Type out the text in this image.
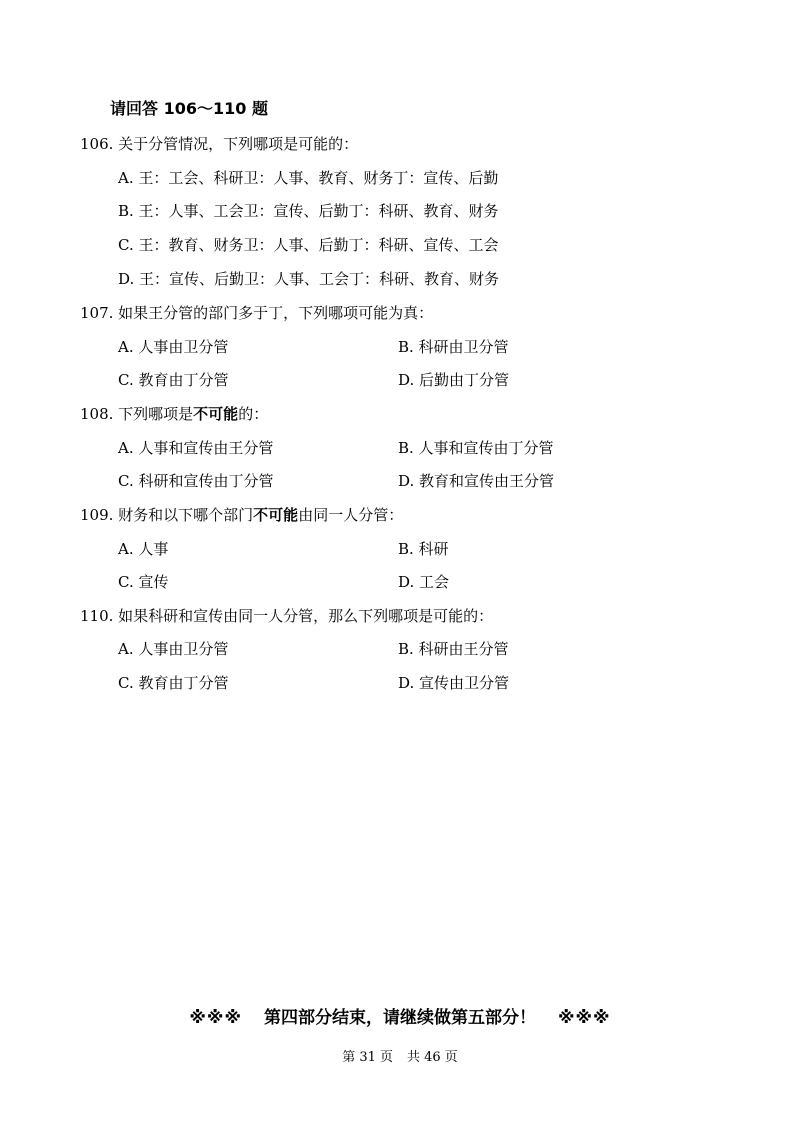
请回答 106～110 题
106. 关于分管情况，下列哪项是可能的：
A. 王：工会、科研卫：人事、教育、财务丁：宣传、后勤
B. 王：人事、工会卫：宣传、后勤丁：科研、教育、财务
C. 王：教育、财务卫：人事、后勤丁：科研、宣传、工会
D. 王：宣传、后勤卫：人事、工会丁：科研、教育、财务
107. 如果王分管的部门多于丁，下列哪项可能为真：
A. 人事由卫分管	B. 科研由卫分管
C. 教育由丁分管	D. 后勤由丁分管
108. 下列哪项是不可能的：
A. 人事和宣传由王分管	B. 人事和宣传由丁分管
C. 科研和宣传由丁分管	D. 教育和宣传由王分管
109. 财务和以下哪个部门不可能由同一人分管：
A. 人事	B. 科研
C. 宣传	D. 工会
110. 如果科研和宣传由同一人分管，那么下列哪项是可能的：
A. 人事由卫分管	B. 科研由王分管
C. 教育由丁分管	D. 宣传由卫分管
※※※ 第四部分结束，请继续做第五部分！ ※※※
第 31 页 共 46 页
